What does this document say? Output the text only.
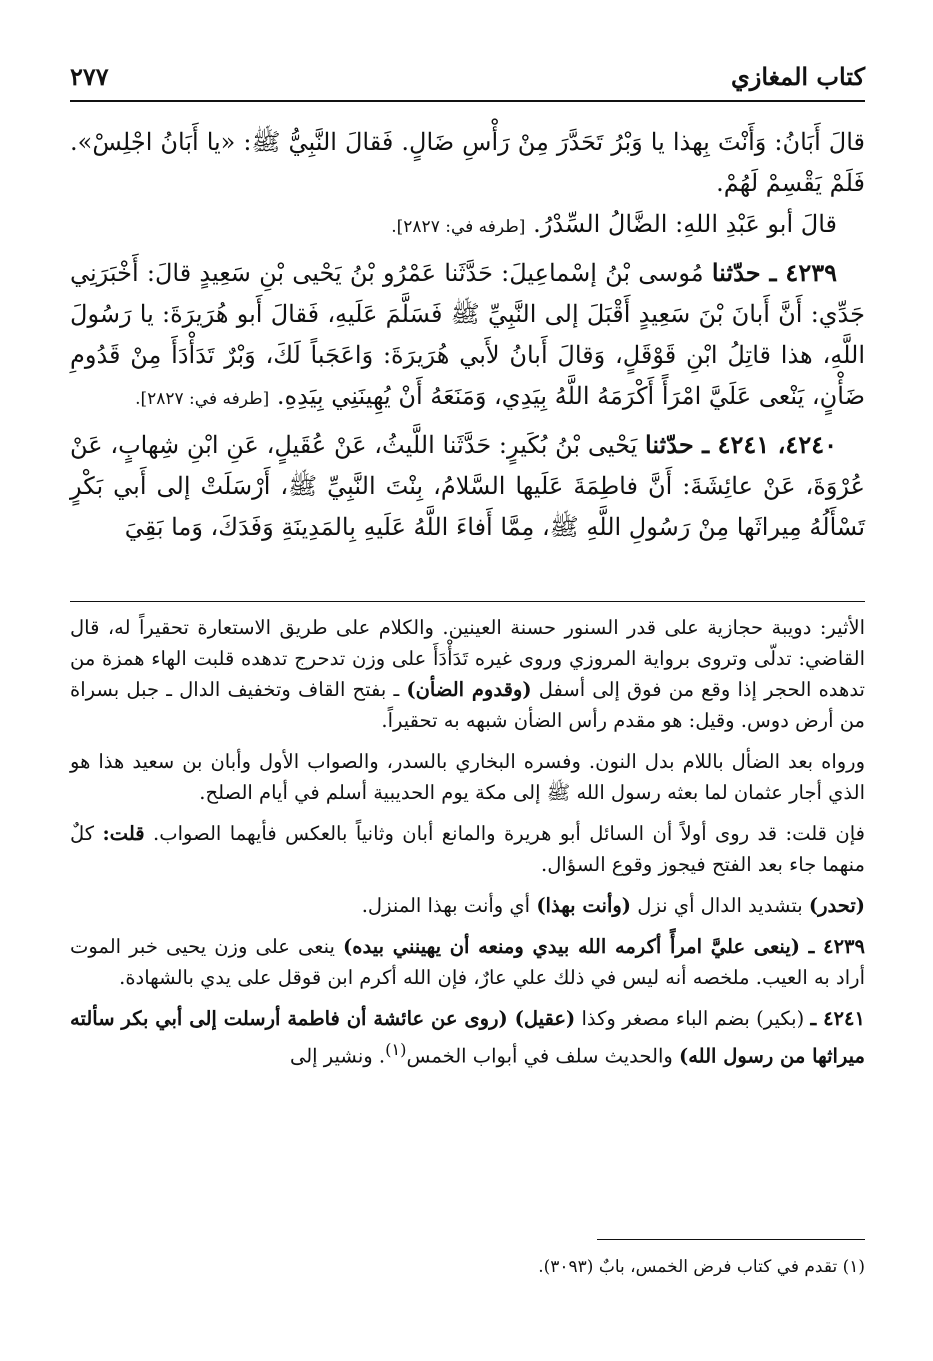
كتاب المغازي
٢٧٧

قالَ أَبَانُ: وَأَنْتَ بِهذا يا وَبْرُ تَحَدَّرَ مِنْ رَأْسِ ضَالٍ. فَقالَ النَّبِيُّ ﷺ: «يا أَبَانُ اجْلِسْ». فَلَمْ يَقْسِمْ لَهُمْ.

قالَ أبو عَبْدِ اللهِ: الضَّالُ السِّدْرُ. [طرفه في: ٢٨٢٧].

٤٢٣٩ ـ حدّثنا مُوسى بْنُ إسْماعِيلَ: حَدَّثَنا عَمْرُو بْنُ يَحْيى بْنِ سَعِيدٍ قالَ: أَخْبَرَنِي جَدِّي: أَنَّ أَبانَ بْنَ سَعِيدٍ أَقْبَلَ إلى النَّبِيِّ ﷺ فَسَلَّمَ عَلَيهِ، فَقالَ أَبو هُرَيرَةَ: يا رَسُولَ اللَّهِ، هذا قاتِلُ ابْنِ قَوْقَلٍ، وَقالَ أَبانُ لأَبي هُرَيرَةَ: وَاعَجَباً لَكَ، وَبْرٌ تَدَأْدَأَ مِنْ قَدُومِ ضَأْنٍ، يَنْعى عَلَيَّ امْرَأً أَكْرَمَهُ اللَّهُ بِيَدِي، وَمَنَعَهُ أَنْ يُهِينَنِي بِيَدِهِ. [طرفه في: ٢٨٢٧].

٤٢٤٠، ٤٢٤١ ـ حدّثنا يَحْيى بْنُ بُكَيرٍ: حَدَّثَنا اللَّيثُ، عَنْ عُقَيلٍ، عَنِ ابْنِ شِهابٍ، عَنْ عُرْوَةَ، عَنْ عائِشَةَ: أَنَّ فاطِمَةَ عَلَيها السَّلامُ، بِنْتَ النَّبِيِّ ﷺ، أَرْسَلَتْ إلى أَبي بَكْرٍ تَسْأَلُهُ مِيراثَها مِنْ رَسُولِ اللَّهِ ﷺ، مِمَّا أَفاءَ اللَّهُ عَلَيهِ بِالمَدِينَةِ وَفَدَكَ، وَما بَقِيَ

الأثير: دويبة حجازية على قدر السنور حسنة العينين. والكلام على طريق الاستعارة تحقيراً له، قال القاضي: تدلّى وتروى برواية المروزي وروى غيره تَدَأْدَأَ على وزن تدحرج تدهده قلبت الهاء همزة من تدهده الحجر إذا وقع من فوق إلى أسفل (وقدوم الضأن) ـ بفتح القاف وتخفيف الدال ـ جبل بسراة من أرض دوس. وقيل: هو مقدم رأس الضأن شبهه به تحقيراً.

ورواه بعد الضأل باللام بدل النون. وفسره البخاري بالسدر، والصواب الأول وأبان بن سعيد هذا هو الذي أجار عثمان لما بعثه رسول الله ﷺ إلى مكة يوم الحديبية أسلم في أيام الصلح.

فإن قلت: قد روى أولاً أن السائل أبو هريرة والمانع أبان وثانياً بالعكس فأيهما الصواب. قلت: كلٌ منهما جاء بعد الفتح فيجوز وقوع السؤال.

(تحدر) بتشديد الدال أي نزل (وأنت بهذا) أي وأنت بهذا المنزل.

٤٢٣٩ ـ (ينعى عليَّ امرأً أكرمه الله بيدي ومنعه أن يهينني بيده) ينعى على وزن يحيى خبر الموت أراد به العيب. ملخصه أنه ليس في ذلك علي عارٌ، فإن الله أكرم ابن قوقل على يدي بالشهادة.

٤٢٤١ ـ (بكير) بضم الباء مصغر وكذا (عقيل) (روى عن عائشة أن فاطمة أرسلت إلى أبي بكر سألته ميراثها من رسول الله) والحديث سلف في أبواب الخمس$^{(١)}$. ونشير إلى

(١) تقدم في كتاب فرض الخمس، بابٌ (٣٠٩٣).
